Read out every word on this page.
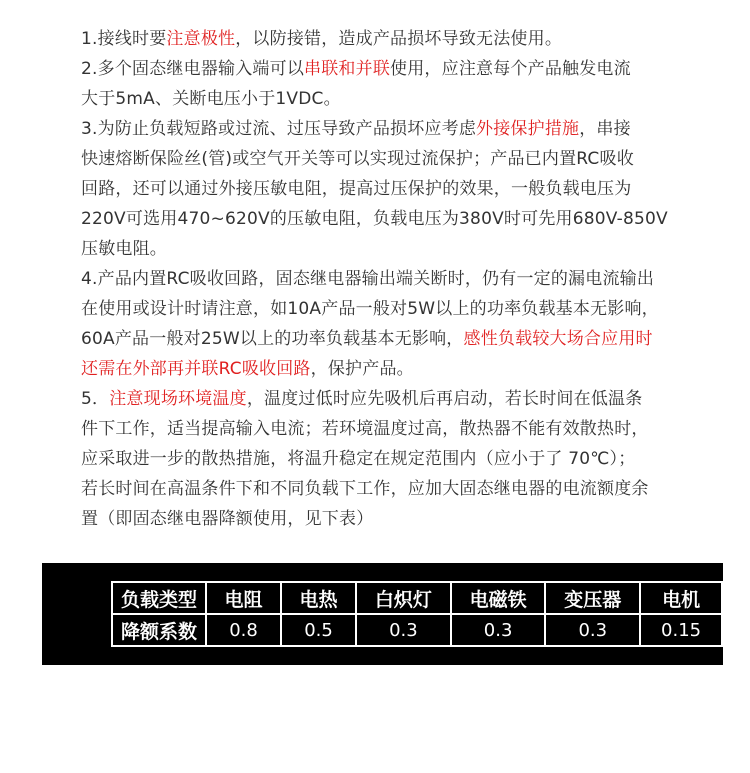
1.接线时要注意极性，以防接错，造成产品损坏导致无法使用。
2.多个固态继电器输入端可以串联和并联使用，应注意每个产品触发电流
大于5mA、关断电压小于1VDC。
3.为防止负载短路或过流、过压导致产品损坏应考虑外接保护措施，串接
快速熔断保险丝(管)或空气开关等可以实现过流保护；产品已内置RC吸收
回路，还可以通过外接压敏电阻，提高过压保护的效果，一般负载电压为
220V可选用470~620V的压敏电阻，负载电压为380V时可先用680V-850V
压敏电阻。
4.产品内置RC吸收回路，固态继电器输出端关断时，仍有一定的漏电流输出
在使用或设计时请注意，如10A产品一般对5W以上的功率负载基本无影响，
60A产品一般对25W以上的功率负载基本无影响，感性负载较大场合应用时
还需在外部再并联RC吸收回路，保护产品。
5．注意现场环境温度，温度过低时应先吸机后再启动，若长时间在低温条
件下工作，适当提高输入电流；若环境温度过高，散热器不能有效散热时，
应采取进一步的散热措施，将温升稳定在规定范围内（应小于了 70℃）；
若长时间在高温条件下和不同负载下工作，应加大固态继电器的电流额度余
置（即固态继电器降额使用，见下表）
负载类型	电阻	电热	白炽灯	电磁铁	变压器	电机
降额系数	0.8	0.5	0.3	0.3	0.3	0.15
